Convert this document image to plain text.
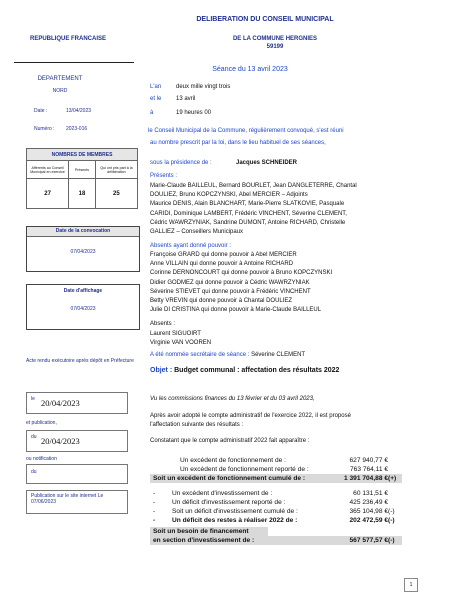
DELIBERATION DU CONSEIL MUNICIPAL
REPUBLIQUE FRANCAISE	DE LA COMMUNE HERGNIES
59199
Séance du 13 avril 2023
DEPARTEMENT
NORD
Date :	13/04/2023
Numéro : 2023-016
NOMBRES DE MEMBRES		
Afférents au Conseil Municipal en exercice	Présents	Qui ont pris part à la délibération
27	18	25
Date de la convocation
07/04/2023
Date d'affichage
07/04/2023
Acte rendu exécutoire après dépôt en Préfecture
le 20/04/2023
et publication,
du 20/04/2023
ou notification
du
Publication sur le site internet Le 07/06/2023
L'an deux mille vingt trois
et le 13 avril
à	19 heures 00
le Conseil Municipal de la Commune, régulièrement convoqué, s'est réuni
au nombre prescrit par la loi, dans le lieu habituel de ses séances,
sous la présidence de :	Jacques SCHNEIDER
Présents :
Marie-Claude BAILLEUL, Bernard BOURLET, Jean DANGLETERRE, Chantal
DOULIEZ, Bruno KOPCZYNSKI, Abel MERCIER – Adjoints
Maurice DENIS, Alain BLANCHART, Marie-Pierre SLATKOVIE, Pasquale
CARIDI, Dominique LAMBERT, Frédéric VINCHENT, Séverine CLEMENT,
Cédric WAWRZYNIAK, Sandrine DUMONT, Antoine RICHARD, Christelle
GALLIEZ – Conseillers Municipaux
Absents ayant donné pouvoir :
Françoise GRARD qui donne pouvoir à Abel MERCIER
Anne VILLAIN qui donne pouvoir à Antoine RICHARD
Corinne DERNONCOURT qui donne pouvoir à Bruno KOPCZYNSKI
Didier GODMEZ qui donne pouvoir à Cédric WAWRZYNIAK
Séverine STIEVET qui donne pouvoir à Frédéric VINCHENT
Betty VREVIN qui donne pouvoir à Chantal DOULIEZ
Julie DI CRISTINA qui donne pouvoir à Marie-Claude BAILLEUL
Absents :
Laurent SIGUOIRT
Virginie VAN VOOREN
A été nommée secrétaire de séance : Séverine CLEMENT
Objet : Budget communal : affectation des résultats 2022
Vu les commissions finances du 13 février et du 03 avril 2023,
Après avoir adopté le compte administratif de l'exercice 2022, il est proposé
l'affectation suivante des résultats :
Constatant que le compte administratif 2022 fait apparaître :
Un excédent de fonctionnement de :	627 940,77 €
Un excédent de fonctionnement reporté de :	763 764,11 €
Soit un excédent de fonctionnement cumulé de :	1 391 704,88 € (+)
-	Un excédent d'investissement de :	60 131,51 €
-	Un déficit d'investissement reporté de :	425 236,49 €
-	Soit un déficit d'investissement cumulé de :	365 104,98 € (-)
-	Un déficit des restes à réaliser 2022 de :	202 472,59 € (-)
Soit un besoin de financement
en section d'investissement de :	567 577,57 € (-)
1
